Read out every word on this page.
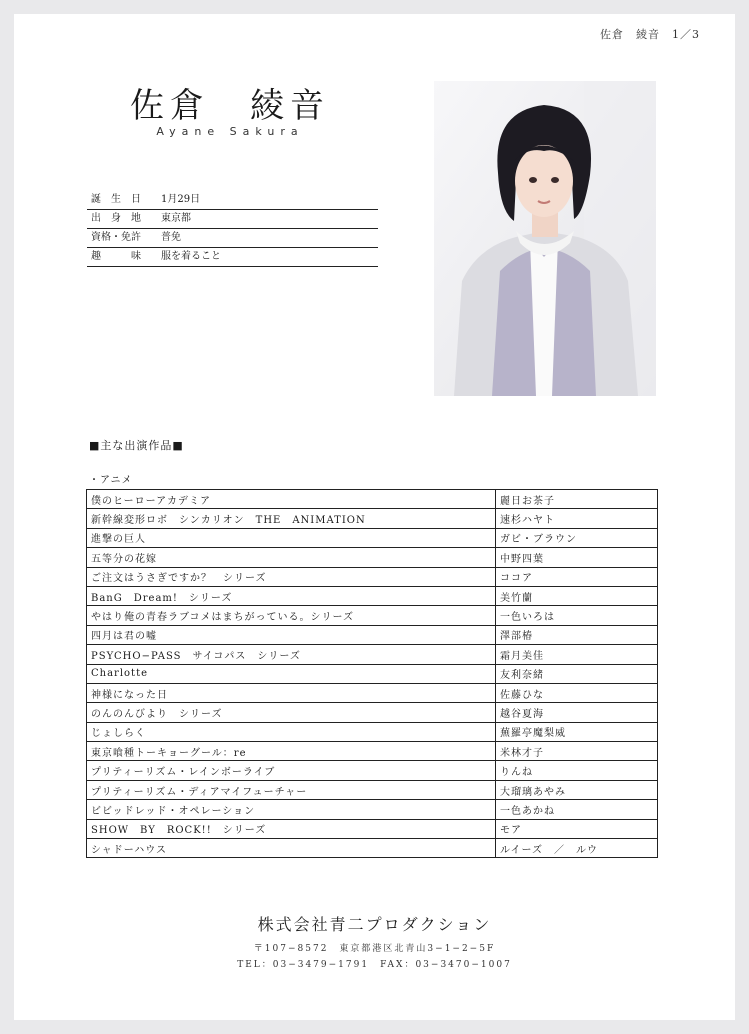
佐倉　綾音　1／3
佐倉　綾音
Ayane Sakura
誕　生　日	1月29日
出　身　地	東京都
資格・免許	普免
趣　　　味	服を着ること
■主な出演作品■
・アニメ
僕のヒーローアカデミア	麗日お茶子
新幹線変形ロボ　シンカリオン　THE　ANIMATION	速杉ハヤト
進撃の巨人	ガビ・ブラウン
五等分の花嫁	中野四葉
ご注文はうさぎですか？　シリーズ	ココア
BanG　Dream!　シリーズ	美竹蘭
やはり俺の青春ラブコメはまちがっている。シリーズ	一色いろは
四月は君の嘘	澤部椿
PSYCHO−PASS　サイコパス　シリーズ	霜月美佳
Charlotte	友利奈緒
神様になった日	佐藤ひな
のんのんびより　シリーズ	越谷夏海
じょしらく	蕪羅亭魔梨威
東京喰種トーキョーグール：re	米林才子
プリティーリズム・レインボーライブ	りんね
プリティーリズム・ディアマイフューチャー	大瑠璃あやみ
ビビッドレッド・オペレーション	一色あかね
SHOW　BY　ROCK!!　シリーズ	モア
シャドーハウス	ルイーズ　／　ルウ
株式会社青二プロダクション
〒107−8572　東京都港区北青山3−1−2−5F
TEL：03−3479−1791　FAX：03−3470−1007
